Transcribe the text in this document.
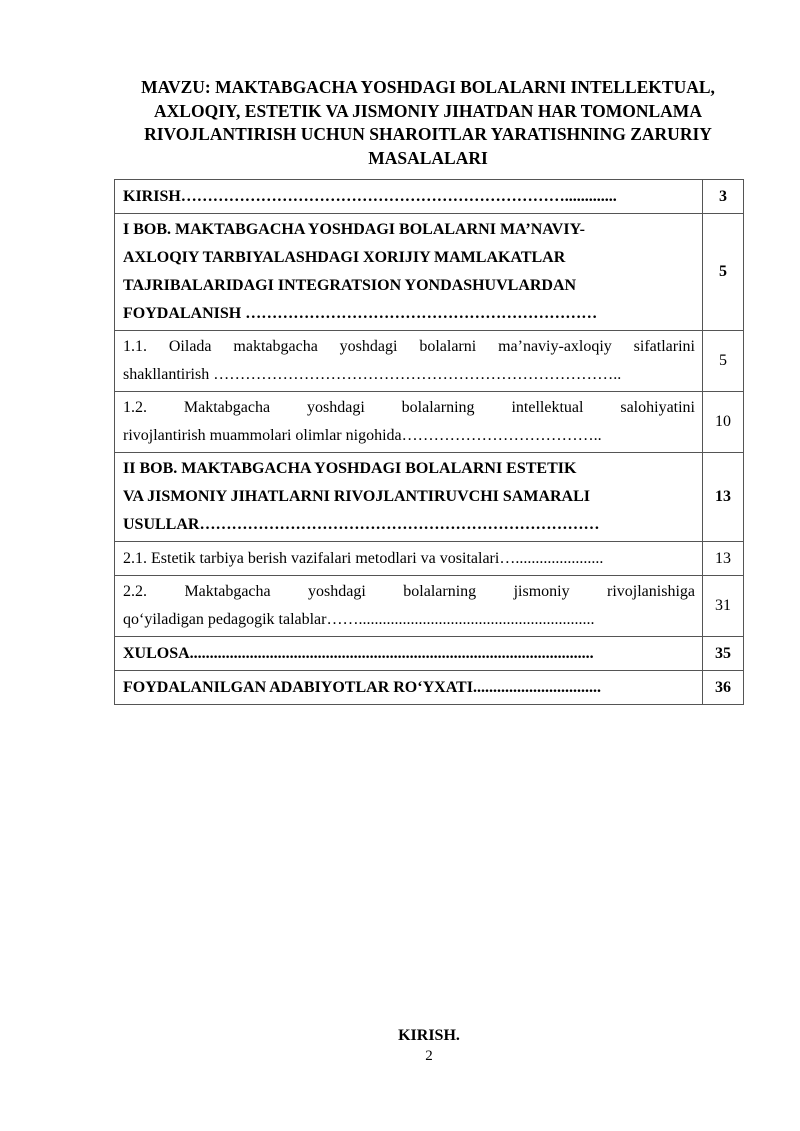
MAVZU: MAKTABGACHA YOSHDAGI BOLALARNI INTELLEKTUAL, AXLOQIY, ESTETIK VA JISMONIY JIHATDAN HAR TOMONLAMA RIVOJLANTIRISH UCHUN SHAROITLAR YARATISHNING ZARURIY MASALALARI
KIRISH……………………………………………………………….............	3

I BOB. MAKTABGACHA YOSHDAGI BOLALARNI MA’NAVIY-
AXLOQIY TARBIYALASHDAGI XORIJIY MAMLAKATLAR
TAJRIBALARIDAGI INTEGRATSION YONDASHUVLARDAN
FOYDALANISH …………………………………………………………	5

1.1. Oilada maktabgacha yoshdagi bolalarni ma’naviy-axloqiy sifatlarini
shakllantirish …………………………………………………………………..	5

1.2. Maktabgacha yoshdagi bolalarning intellektual salohiyatini
rivojlantirish muammolari olimlar nigohida………………………………..	10

II BOB. MAKTABGACHA YOSHDAGI BOLALARNI ESTETIK
VA JISMONIY JIHATLARNI RIVOJLANTIRUVCHI SAMARALI
USULLAR…………………………………………………………………	13
2.1. Estetik tarbiya berish vazifalari metodlari va vositalari…......................	13

2.2. Maktabgacha yoshdagi bolalarning jismoniy rivojlanishiga
qo‘yiladigan pedagogik talablar……...........................................................	31
XULOSA.....................................................................................................	35
FOYDALANILGAN ADABIYOTLAR RO‘YXATI................................	36
KIRISH.
2
